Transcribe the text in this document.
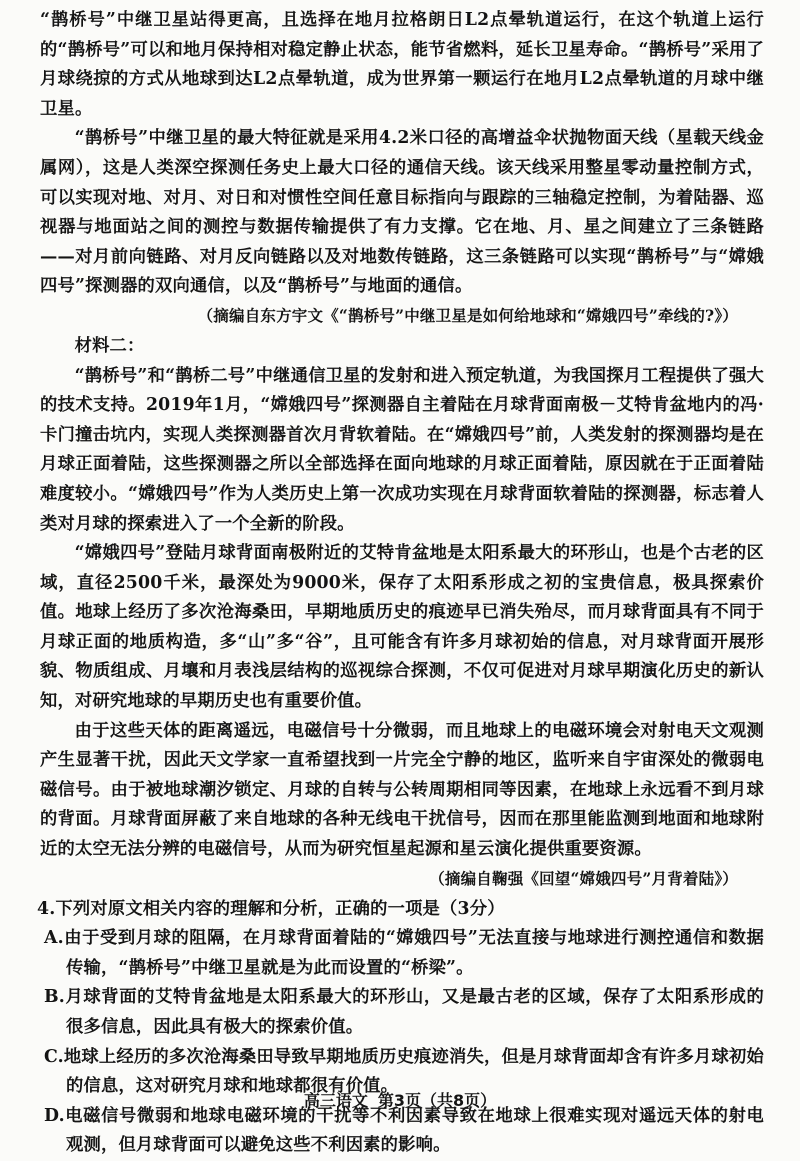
“鹊桥号”中继卫星站得更高，且选择在地月拉格朗日L2点晕轨道运行，在这个轨道上运行的“鹊桥号”可以和地月保持相对稳定静止状态，能节省燃料，延长卫星寿命。“鹊桥号”采用了月球绕掠的方式从地球到达L2点晕轨道，成为世界第一颗运行在地月L2点晕轨道的月球中继卫星。

“鹊桥号”中继卫星的最大特征就是采用4.2米口径的高增益伞状抛物面天线（星载天线金属网），这是人类深空探测任务史上最大口径的通信天线。该天线采用整星零动量控制方式，可以实现对地、对月、对日和对惯性空间任意目标指向与跟踪的三轴稳定控制，为着陆器、巡视器与地面站之间的测控与数据传输提供了有力支撑。它在地、月、星之间建立了三条链路——对月前向链路、对月反向链路以及对地数传链路，这三条链路可以实现“鹊桥号”与“嫦娥四号”探测器的双向通信，以及“鹊桥号”与地面的通信。

（摘编自东方宇文《“鹊桥号”中继卫星是如何给地球和“嫦娥四号”牵线的?》）

材料二：

“鹊桥号”和“鹊桥二号”中继通信卫星的发射和进入预定轨道，为我国探月工程提供了强大的技术支持。2019年1月，“嫦娥四号”探测器自主着陆在月球背面南极－艾特肯盆地内的冯·卡门撞击坑内，实现人类探测器首次月背软着陆。在“嫦娥四号”前，人类发射的探测器均是在月球正面着陆，这些探测器之所以全部选择在面向地球的月球正面着陆，原因就在于正面着陆难度较小。“嫦娥四号”作为人类历史上第一次成功实现在月球背面软着陆的探测器，标志着人类对月球的探索进入了一个全新的阶段。

“嫦娥四号”登陆月球背面南极附近的艾特肯盆地是太阳系最大的环形山，也是个古老的区域，直径2500千米，最深处为9000米，保存了太阳系形成之初的宝贵信息，极具探索价值。地球上经历了多次沧海桑田，早期地质历史的痕迹早已消失殆尽，而月球背面具有不同于月球正面的地质构造，多“山”多“谷”，且可能含有许多月球初始的信息，对月球背面开展形貌、物质组成、月壤和月表浅层结构的巡视综合探测，不仅可促进对月球早期演化历史的新认知，对研究地球的早期历史也有重要价值。

由于这些天体的距离遥远，电磁信号十分微弱，而且地球上的电磁环境会对射电天文观测产生显著干扰，因此天文学家一直希望找到一片完全宁静的地区，监听来自宇宙深处的微弱电磁信号。由于被地球潮汐锁定、月球的自转与公转周期相同等因素，在地球上永远看不到月球的背面。月球背面屏蔽了来自地球的各种无线电干扰信号，因而在那里能监测到地面和地球附近的太空无法分辨的电磁信号，从而为研究恒星起源和星云演化提供重要资源。

（摘编自鞠强《回望“嫦娥四号”月背着陆》）

4.下列对原文相关内容的理解和分析，正确的一项是（3分）

A.由于受到月球的阻隔，在月球背面着陆的“嫦娥四号”无法直接与地球进行测控通信和数据传输，“鹊桥号”中继卫星就是为此而设置的“桥梁”。

B.月球背面的艾特肯盆地是太阳系最大的环形山，又是最古老的区域，保存了太阳系形成的很多信息，因此具有极大的探索价值。

C.地球上经历的多次沧海桑田导致早期地质历史痕迹消失，但是月球背面却含有许多月球初始的信息，这对研究月球和地球都很有价值。

D.电磁信号微弱和地球电磁环境的干扰等不利因素导致在地球上很难实现对遥远天体的射电观测，但月球背面可以避免这些不利因素的影响。

高三语文 第3页（共8页）
